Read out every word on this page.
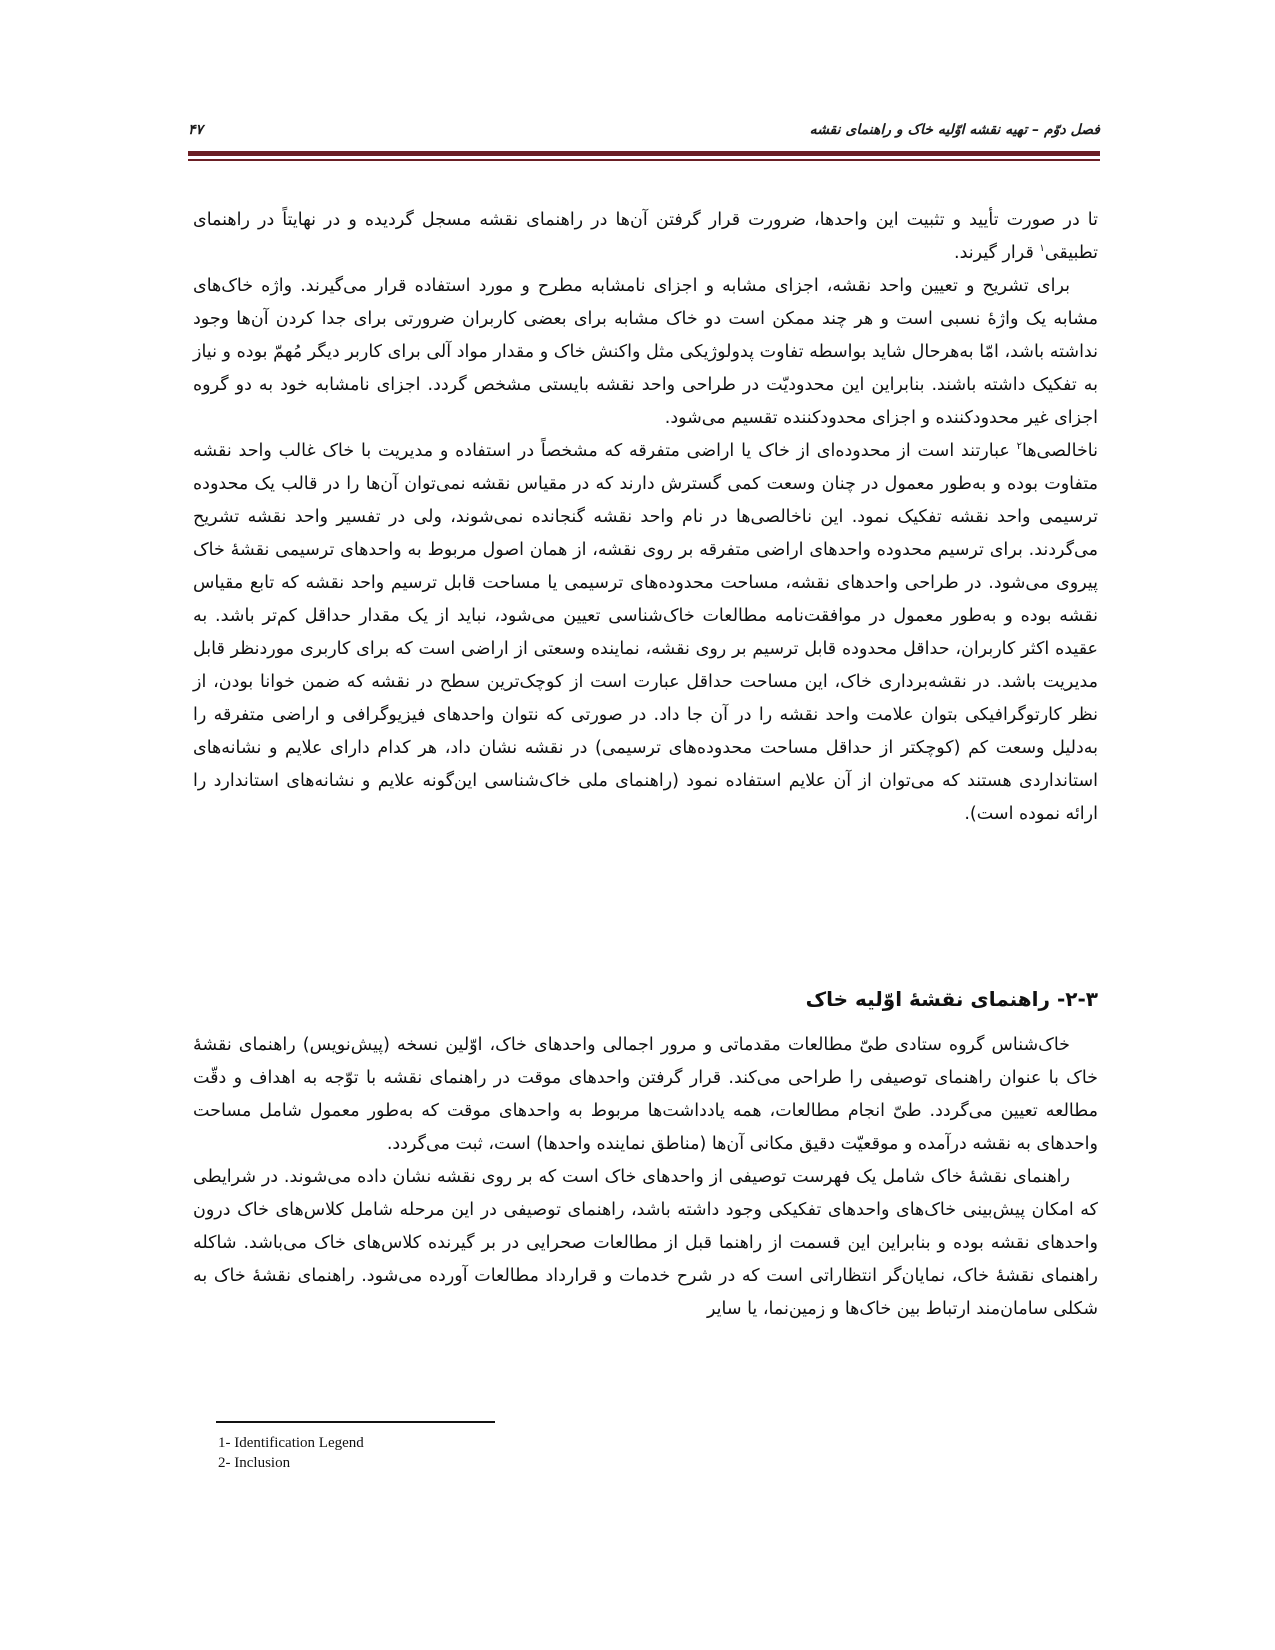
فصل دوّم – تهیه نقشه اوّلیه خاک و راهنمای نقشه
۴۷

تا در صورت تأیید و تثبیت این واحدها، ضرورت قرار گرفتن آن‌ها در راهنمای نقشه مسجل گردیده و در نهایتاً در راهنمای تطبیقی$^۱$ قرار گیرند.

برای تشریح و تعیین واحد نقشه، اجزای مشابه و اجزای نامشابه مطرح و مورد استفاده قرار می‌گیرند. واژه خاک‌های مشابه یک واژهٔ نسبی است و هر چند ممکن است دو خاک مشابه برای بعضی کاربران ضرورتی برای جدا کردن آن‌ها وجود نداشته باشد، امّا به‌هرحال شاید بواسطه تفاوت پدولوژیکی مثل واکنش خاک و مقدار مواد آلی برای کاربر دیگر مُهمّ بوده و نیاز به تفکیک داشته باشند. بنابراین این محدودیّت در طراحی واحد نقشه بایستی مشخص گردد. اجزای نامشابه خود به دو گروه اجزای غیر محدودکننده و اجزای محدودکننده تقسیم می‌شود.

ناخالصی‌ها$^۲$ عبارتند است از محدوده‌ای از خاک یا اراضی متفرقه که مشخصاً در استفاده و مدیریت با خاک غالب واحد نقشه متفاوت بوده و به‌طور معمول در چنان وسعت کمی گسترش دارند که در مقیاس نقشه نمی‌توان آن‌ها را در قالب یک محدوده ترسیمی واحد نقشه تفکیک نمود. این ناخالصی‌ها در نام واحد نقشه گنجانده نمی‌شوند، ولی در تفسیر واحد نقشه تشریح می‌گردند. برای ترسیم محدوده واحدهای اراضی متفرقه بر روی نقشه، از همان اصول مربوط به واحدهای ترسیمی نقشهٔ خاک پیروی می‌شود. در طراحی واحدهای نقشه، مساحت محدوده‌های ترسیمی یا مساحت قابل ترسیم واحد نقشه که تابع مقیاس نقشه بوده و به‌طور معمول در موافقت‌نامه مطالعات خاک‌شناسی تعیین می‌شود، نباید از یک مقدار حداقل کم‌تر باشد. به عقیده اکثر کاربران، حداقل محدوده قابل ترسیم بر روی نقشه، نماینده وسعتی از اراضی است که برای کاربری موردنظر قابل مدیریت باشد. در نقشه‌برداری خاک، این مساحت حداقل عبارت است از کوچک‌ترین سطح در نقشه که ضمن خوانا بودن، از نظر کارتوگرافیکی بتوان علامت واحد نقشه را در آن جا داد. در صورتی که نتوان واحدهای فیزیوگرافی و اراضی متفرقه را به‌دلیل وسعت کم (کوچکتر از حداقل مساحت محدوده‌های ترسیمی) در نقشه نشان داد، هر کدام دارای علایم و نشانه‌های استانداردی هستند که می‌توان از آن علایم استفاده نمود (راهنمای ملی خاک‌شناسی این‌گونه علایم و نشانه‌های استاندارد را ارائه نموده است).

۲-۳- راهنمای نقشهٔ اوّلیه خاک

خاک‌شناس گروه ستادی طیّ مطالعات مقدماتی و مرور اجمالی واحدهای خاک، اوّلین نسخه (پیش‌نویس) راهنمای نقشهٔ خاک با عنوان راهنمای توصیفی را طراحی می‌کند. قرار گرفتن واحدهای موقت در راهنمای نقشه با توّجه به اهداف و دقّت مطالعه تعیین می‌گردد. طیّ انجام مطالعات، همه یادداشت‌ها مربوط به واحدهای موقت که به‌طور معمول شامل مساحت واحدهای به نقشه درآمده و موقعیّت دقیق مکانی آن‌ها (مناطق نماینده واحدها) است، ثبت می‌گردد.

راهنمای نقشهٔ خاک شامل یک فهرست توصیفی از واحدهای خاک است که بر روی نقشه نشان داده می‌شوند. در شرایطی که امکان پیش‌بینی خاک‌های واحدهای تفکیکی وجود داشته باشد، راهنمای توصیفی در این مرحله شامل کلاس‌های خاک درون واحدهای نقشه بوده و بنابراین این قسمت از راهنما قبل از مطالعات صحرایی در بر گیرنده کلاس‌های خاک می‌باشد. شاکله راهنمای نقشهٔ خاک، نمایان‌گر انتظاراتی است که در شرح خدمات و قرارداد مطالعات آورده می‌شود. راهنمای نقشهٔ خاک به شکلی سامان‌مند ارتباط بین خاک‌ها و زمین‌نما، یا سایر

1- Identification Legend
2- Inclusion
